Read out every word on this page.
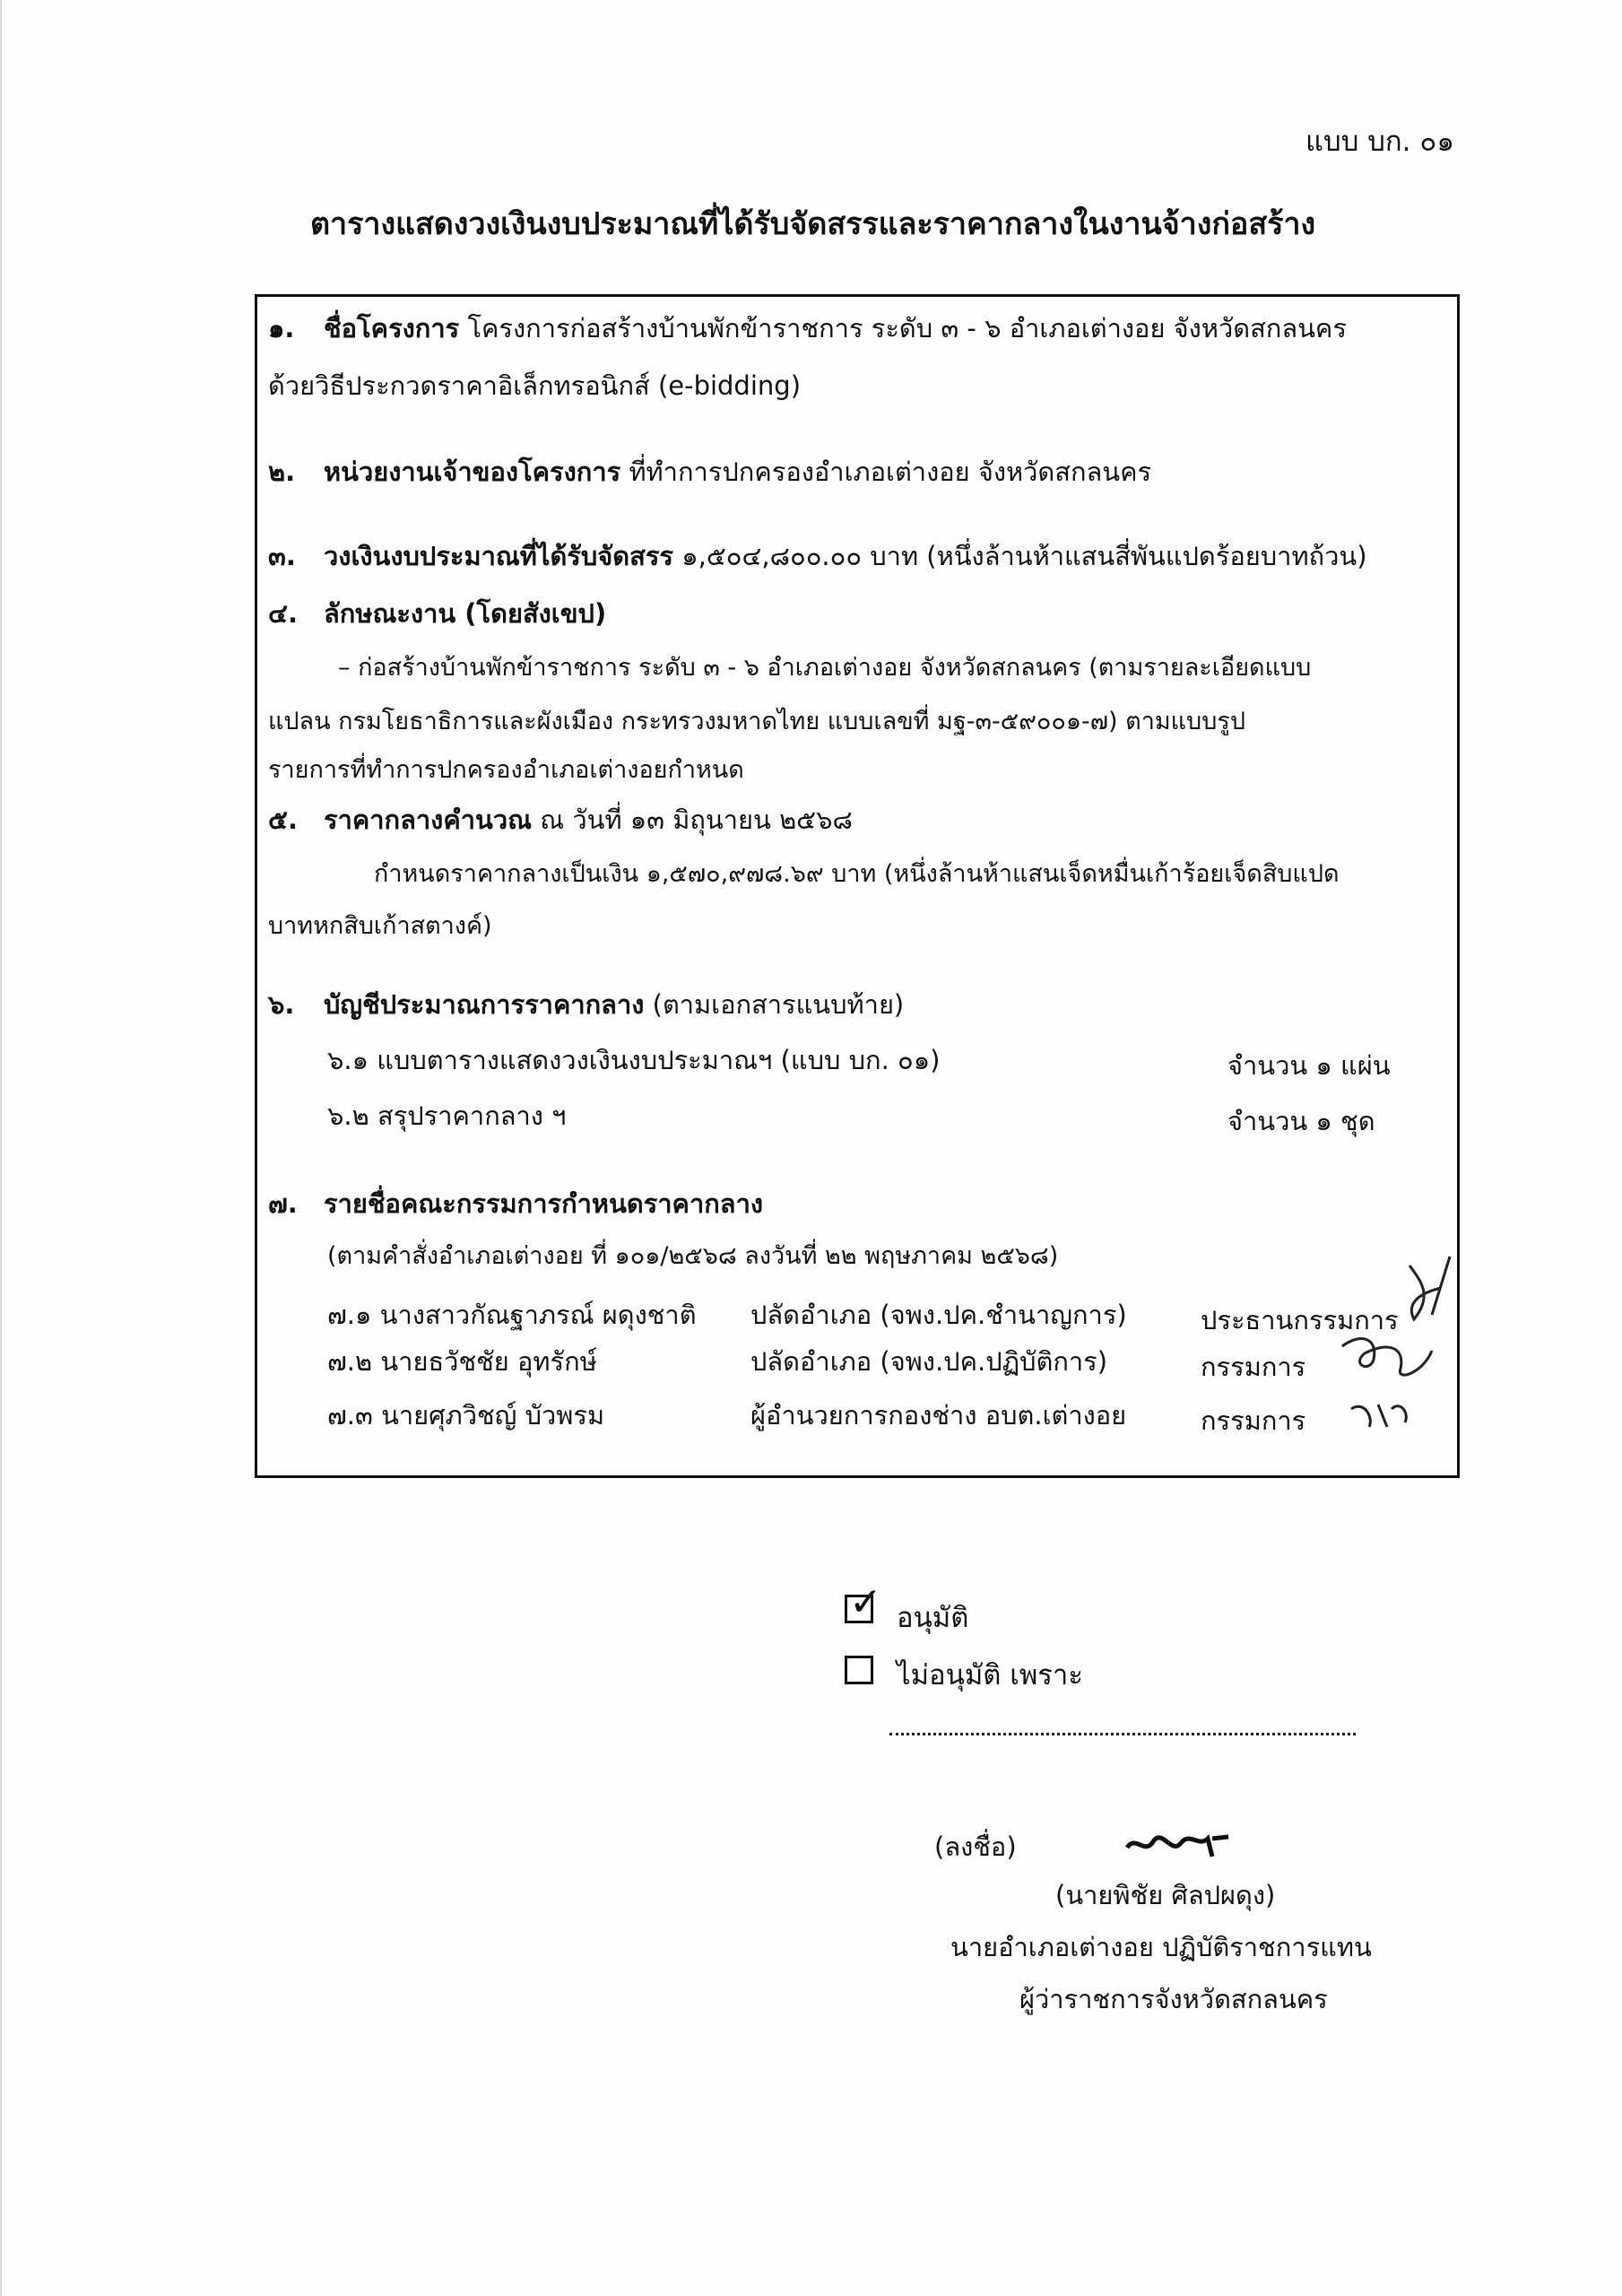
แบบ บก. ๐๑
ตารางแสดงวงเงินงบประมาณที่ได้รับจัดสรรและราคากลางในงานจ้างก่อสร้าง
๑. ชื่อโครงการ โครงการก่อสร้างบ้านพักข้าราชการ ระดับ ๓ - ๖ อำเภอเต่างอย จังหวัดสกลนคร
ด้วยวิธีประกวดราคาอิเล็กทรอนิกส์ (e-bidding)
๒. หน่วยงานเจ้าของโครงการ ที่ทำการปกครองอำเภอเต่างอย จังหวัดสกลนคร
๓. วงเงินงบประมาณที่ได้รับจัดสรร ๑,๕๐๔,๘๐๐.๐๐ บาท (หนึ่งล้านห้าแสนสี่พันแปดร้อยบาทถ้วน)
๔. ลักษณะงาน (โดยสังเขป)
– ก่อสร้างบ้านพักข้าราชการ ระดับ ๓ - ๖ อำเภอเต่างอย จังหวัดสกลนคร (ตามรายละเอียดแบบ
แปลน กรมโยธาธิการและผังเมือง กระทรวงมหาดไทย แบบเลขที่ มฐ-๓-๕๙๐๐๑-๗) ตามแบบรูป
รายการที่ทำการปกครองอำเภอเต่างอยกำหนด
๕. ราคากลางคำนวณ ณ วันที่ ๑๓ มิถุนายน ๒๕๖๘
กำหนดราคากลางเป็นเงิน ๑,๕๗๐,๙๗๘.๖๙ บาท (หนึ่งล้านห้าแสนเจ็ดหมื่นเก้าร้อยเจ็ดสิบแปด
บาทหกสิบเก้าสตางค์)
๖. บัญชีประมาณการราคากลาง (ตามเอกสารแนบท้าย)
๖.๑ แบบตารางแสดงวงเงินงบประมาณฯ (แบบ บก. ๐๑)	จำนวน ๑ แผ่น
๖.๒ สรุปราคากลาง ฯ	จำนวน ๑ ชุด
๗. รายชื่อคณะกรรมการกำหนดราคากลาง
(ตามคำสั่งอำเภอเต่างอย ที่ ๑๐๑/๒๕๖๘ ลงวันที่ ๒๒ พฤษภาคม ๒๕๖๘)
๗.๑ นางสาวกัณฐาภรณ์ ผดุงชาติ ปลัดอำเภอ (จพง.ปค.ชำนาญการ)	ประธานกรรมการ
๗.๒ นายธวัชชัย อุทรักษ์	ปลัดอำเภอ (จพง.ปค.ปฏิบัติการ)	กรรมการ
๗.๓ นายศุภวิชญ์ บัวพรม	ผู้อำนวยการกองช่าง อบต.เต่างอย	กรรมการ
✓ อนุมัติ
ไม่อนุมัติ เพราะ
(ลงชื่อ)
(นายพิชัย ศิลปผดุง)
นายอำเภอเต่างอย ปฏิบัติราชการแทน
ผู้ว่าราชการจังหวัดสกลนคร
